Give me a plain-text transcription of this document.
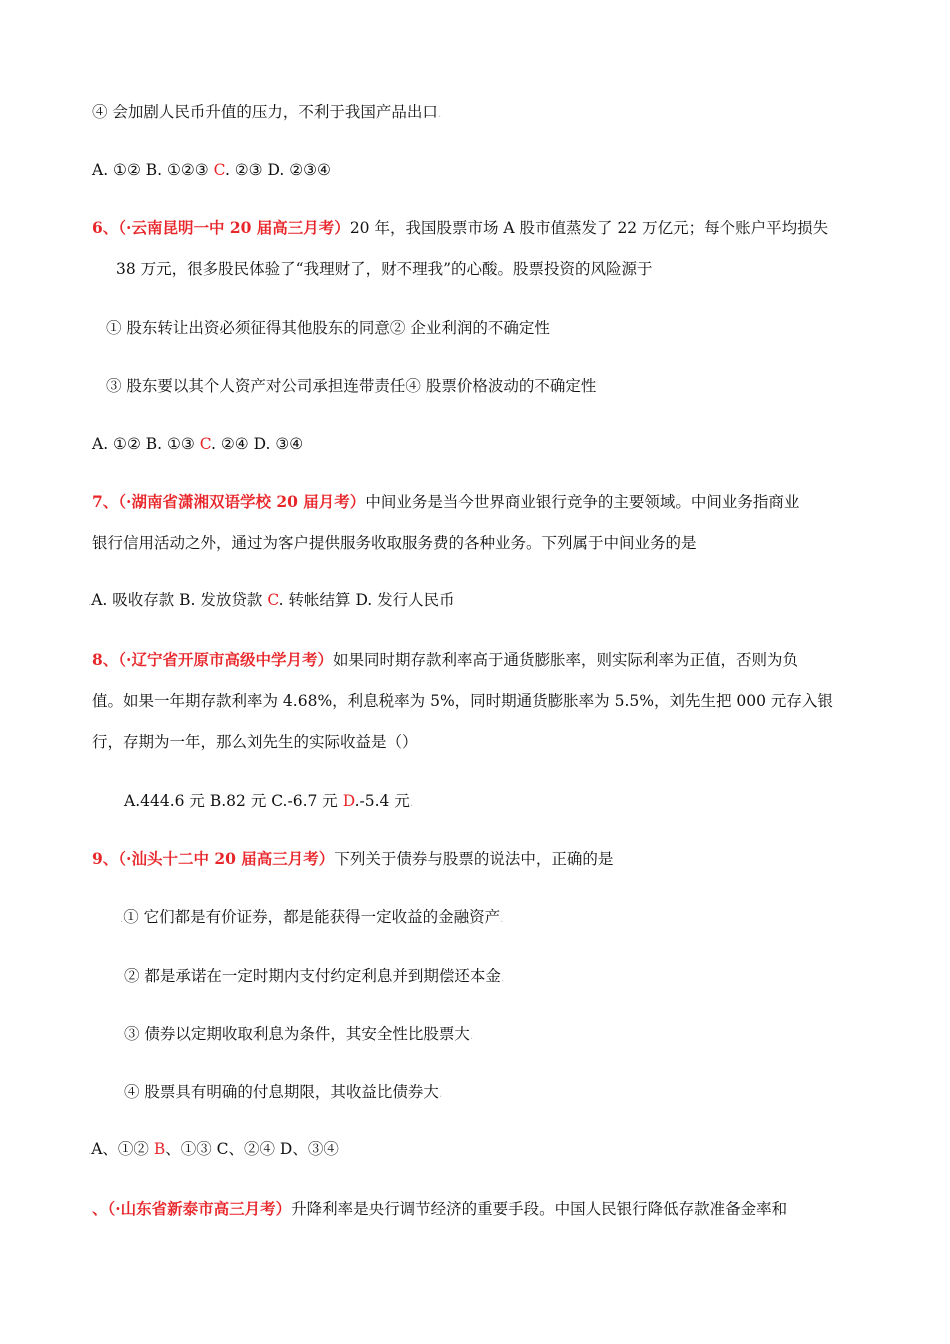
④ 会加剧人民币升值的压力，不利于我国产品出口.
A. ①② B. ①②③ C. ②③ D. ②③④
6、（·云南昆明一中 20 届高三月考）20 年，我国股票市场 A 股市值蒸发了 22 万亿元；每个账户平均损失
38 万元，很多股民体验了“我理财了，财不理我”的心酸。股票投资的风险源于
① 股东转让出资必须征得其他股东的同意② 企业利润的不确定性
③ 股东要以其个人资产对公司承担连带责任④ 股票价格波动的不确定性
A. ①② B. ①③ C. ②④ D. ③④
7、（·湖南省潇湘双语学校 20 届月考）中间业务是当今世界商业银行竞争的主要领域。中间业务指商业
银行信用活动之外，通过为客户提供服务收取服务费的各种业务。下列属于中间业务的是
.A. 吸收存款 B. 发放贷款 C. 转帐结算 D. 发行人民币
8、（·辽宁省开原市高级中学月考）如果同时期存款利率高于通货膨胀率，则实际利率为正值，否则为负
值。如果一年期存款利率为 4.68%，利息税率为 5%，同时期通货膨胀率为 5.5%，刘先生把 000 元存入银
行，存期为一年，那么刘先生的实际收益是（）
A.444.6 元 B.82 元 C.-6.7 元 D.-5.4 元.
9、（·汕头十二中 20 届高三月考）下列关于债券与股票的说法中，正确的是
.① 它们都是有价证券，都是能获得一定收益的金融资产.
② 都是承诺在一定时期内支付约定利息并到期偿还本金.
③ 债券以定期收取利息为条件，其安全性比股票大.
④ 股票具有明确的付息期限，其收益比债券大.
.A、①② B、①③ C、②④ D、③④
、（·山东省新泰市高三月考）升降利率是央行调节经济的重要手段。中国人民银行降低存款准备金率和
